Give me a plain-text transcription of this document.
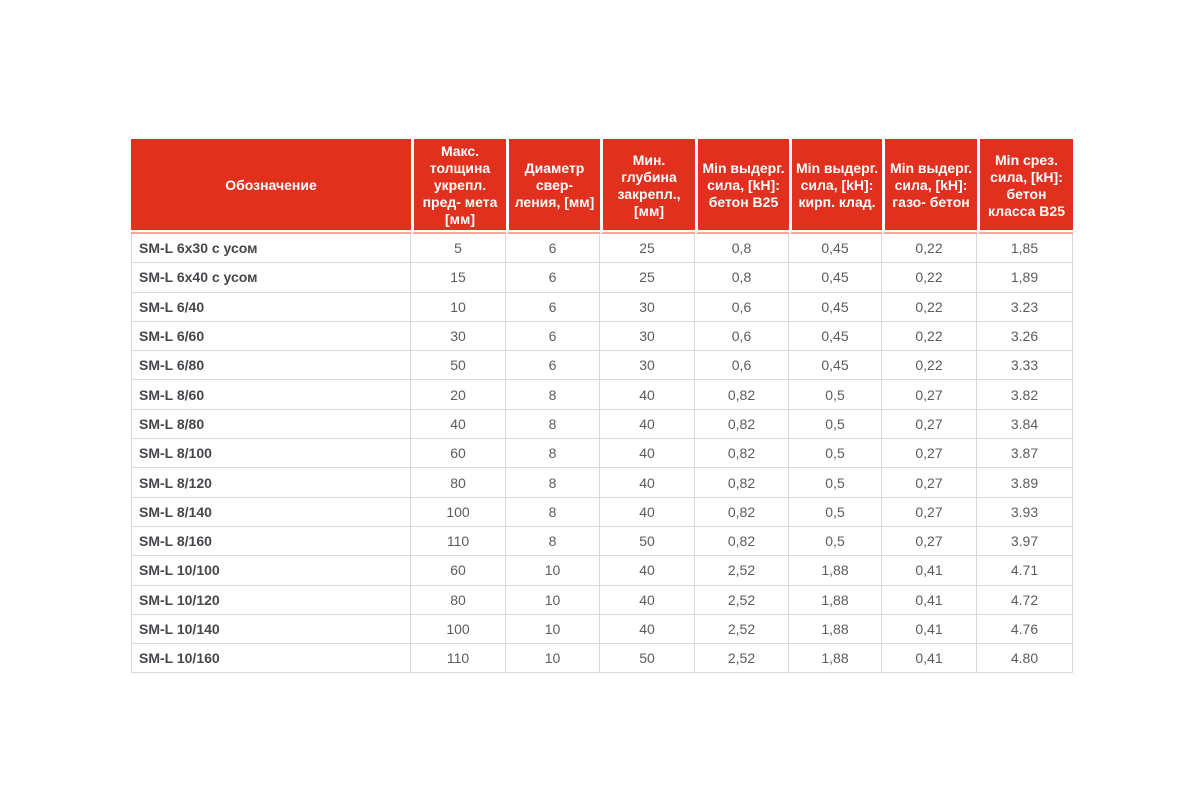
Обозначение	Макс. толщина укрепл. пред- мета [мм]	Диаметр свер- ления, [мм]	Мин. глубина закрепл., [мм]	Min выдерг. сила, [kH]: бетон B25	Min выдерг. сила, [kH]: кирп. клад.	Min выдерг. сила, [kH]: газо- бетон	Min срез. сила, [kH]: бетон класса B25
SM-L 6x30 с усом	5	6	25	0,8	0,45	0,22	1,85
SM-L 6x40 с усом	15	6	25	0,8	0,45	0,22	1,89
SM-L 6/40	10	6	30	0,6	0,45	0,22	3.23
SM-L 6/60	30	6	30	0,6	0,45	0,22	3.26
SM-L 6/80	50	6	30	0,6	0,45	0,22	3.33
SM-L 8/60	20	8	40	0,82	0,5	0,27	3.82
SM-L 8/80	40	8	40	0,82	0,5	0,27	3.84
SM-L 8/100	60	8	40	0,82	0,5	0,27	3.87
SM-L 8/120	80	8	40	0,82	0,5	0,27	3.89
SM-L 8/140	100	8	40	0,82	0,5	0,27	3.93
SM-L 8/160	110	8	50	0,82	0,5	0,27	3.97
SM-L 10/100	60	10	40	2,52	1,88	0,41	4.71
SM-L 10/120	80	10	40	2,52	1,88	0,41	4.72
SM-L 10/140	100	10	40	2,52	1,88	0,41	4.76
SM-L 10/160	110	10	50	2,52	1,88	0,41	4.80
